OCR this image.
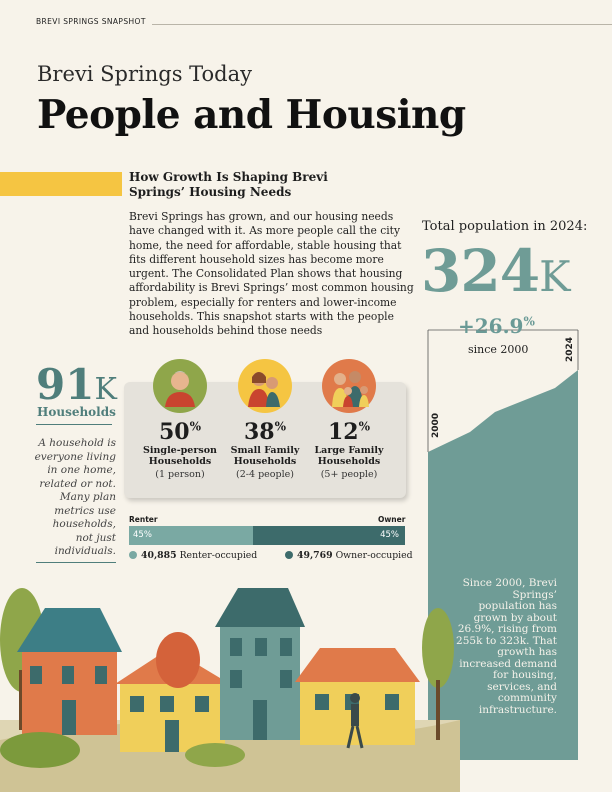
BREVI SPRINGS SNAPSHOT
Brevi Springs Today
People and Housing
How Growth Is Shaping Brevi Springs’ Housing Needs
Brevi Springs has grown, and our housing needs have changed with it. As more people call the city home, the need for affordable, stable housing that fits different household sizes has become more urgent. The Consolidated Plan shows that housing affordability is Brevi Springs’ most common housing problem, especially for renters and lower-income households. This snapshot starts with the people and households behind those needs
Total population in 2024:
324K
2000
2024
+26.9%
since 2000
Since 2000, Brevi Springs’ population has grown by about 26.9%, rising from 255k to 323k. That growth has increased demand for housing, services, and community infrastructure.
91K
Households
A household is everyone living in one home, related or not. Many plan metrics use households, not just individuals.
50%
Single-person Households
(1 person)
38%
Small Family Households
(2-4 people)
12%
Large Family Households
(5+ people)
Renter	Owner
45%	45%
40,885 Renter-occupied	49,769 Owner-occupied
